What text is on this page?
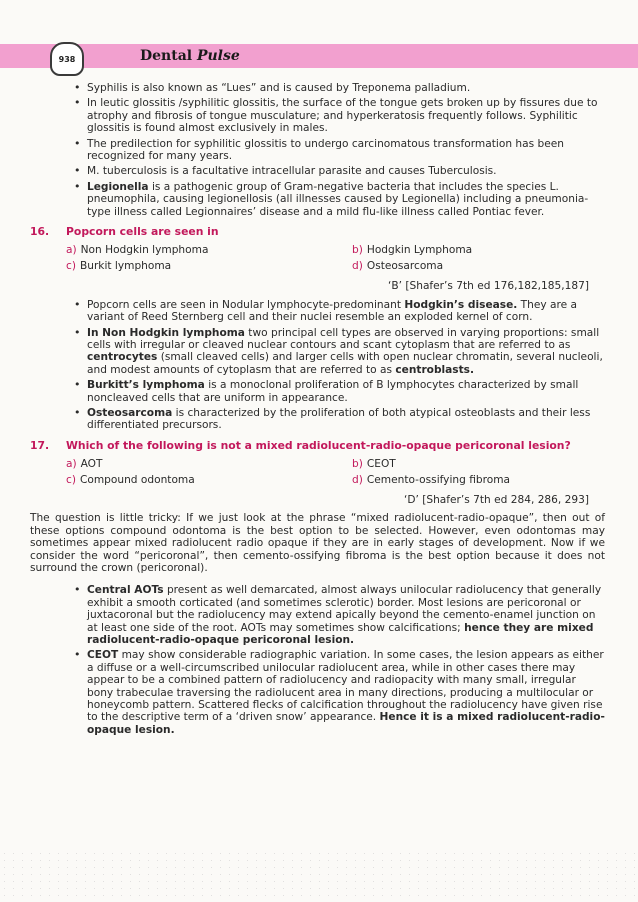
938	Dental Pulse
• Syphilis is also known as “Lues” and is caused by Treponema palladium.
• In leutic glossitis /syphilitic glossitis, the surface of the tongue gets broken up by fissures due to atrophy and fibrosis of tongue musculature; and hyperkeratosis frequently follows. Syphilitic glossitis is found almost exclusively in males.
• The predilection for syphilitic glossitis to undergo carcinomatous transformation has been recognized for many years.
• M. tuberculosis is a facultative intracellular parasite and causes Tuberculosis.
• Legionella is a pathogenic group of Gram-negative bacteria that includes the species L. pneumophila, causing legionellosis (all illnesses caused by Legionella) including a pneumonia-type illness called Legionnaires’ disease and a mild flu-like illness called Pontiac fever.
16.	Popcorn cells are seen in
a) Non Hodgkin lymphoma	b) Hodgkin Lymphoma
c) Burkit lymphoma	d) Osteosarcoma
‘B’ [Shafer’s 7th ed 176,182,185,187]
• Popcorn cells are seen in Nodular lymphocyte-predominant Hodgkin’s disease. They are a variant of Reed Sternberg cell and their nuclei resemble an exploded kernel of corn.
• In Non Hodgkin lymphoma two principal cell types are observed in varying proportions: small cells with irregular or cleaved nuclear contours and scant cytoplasm that are referred to as centrocytes (small cleaved cells) and larger cells with open nuclear chromatin, several nucleoli, and modest amounts of cytoplasm that are referred to as centroblasts.
• Burkitt’s lymphoma is a monoclonal proliferation of B lymphocytes characterized by small noncleaved cells that are uniform in appearance.
• Osteosarcoma is characterized by the proliferation of both atypical osteoblasts and their less differentiated precursors.
17.	Which of the following is not a mixed radiolucent-radio-opaque pericoronal lesion?
a) AOT	b) CEOT
c) Compound odontoma	d) Cemento-ossifying fibroma
‘D’ [Shafer’s 7th ed 284, 286, 293]
The question is little tricky: If we just look at the phrase “mixed radiolucent-radio-opaque”, then out of these options compound odontoma is the best option to be selected. However, even odontomas may sometimes appear mixed radiolucent radio opaque if they are in early stages of development. Now if we consider the word “pericoronal”, then cemento-ossifying fibroma is the best option because it does not surround the crown (pericoronal).
• Central AOTs present as well demarcated, almost always unilocular radiolucency that generally exhibit a smooth corticated (and sometimes sclerotic) border. Most lesions are pericoronal or juxtacoronal but the radiolucency may extend apically beyond the cemento-enamel junction on at least one side of the root. AOTs may sometimes show calcifications; hence they are mixed radiolucent-radio-opaque pericoronal lesion.
• CEOT may show considerable radiographic variation. In some cases, the lesion appears as either a diffuse or a well-circumscribed unilocular radiolucent area, while in other cases there may appear to be a combined pattern of radiolucency and radiopacity with many small, irregular bony trabeculae traversing the radiolucent area in many directions, producing a multilocular or honeycomb pattern. Scattered flecks of calcification throughout the radiolucency have given rise to the descriptive term of a ‘driven snow’ appearance. Hence it is a mixed radiolucent-radio-opaque lesion.
